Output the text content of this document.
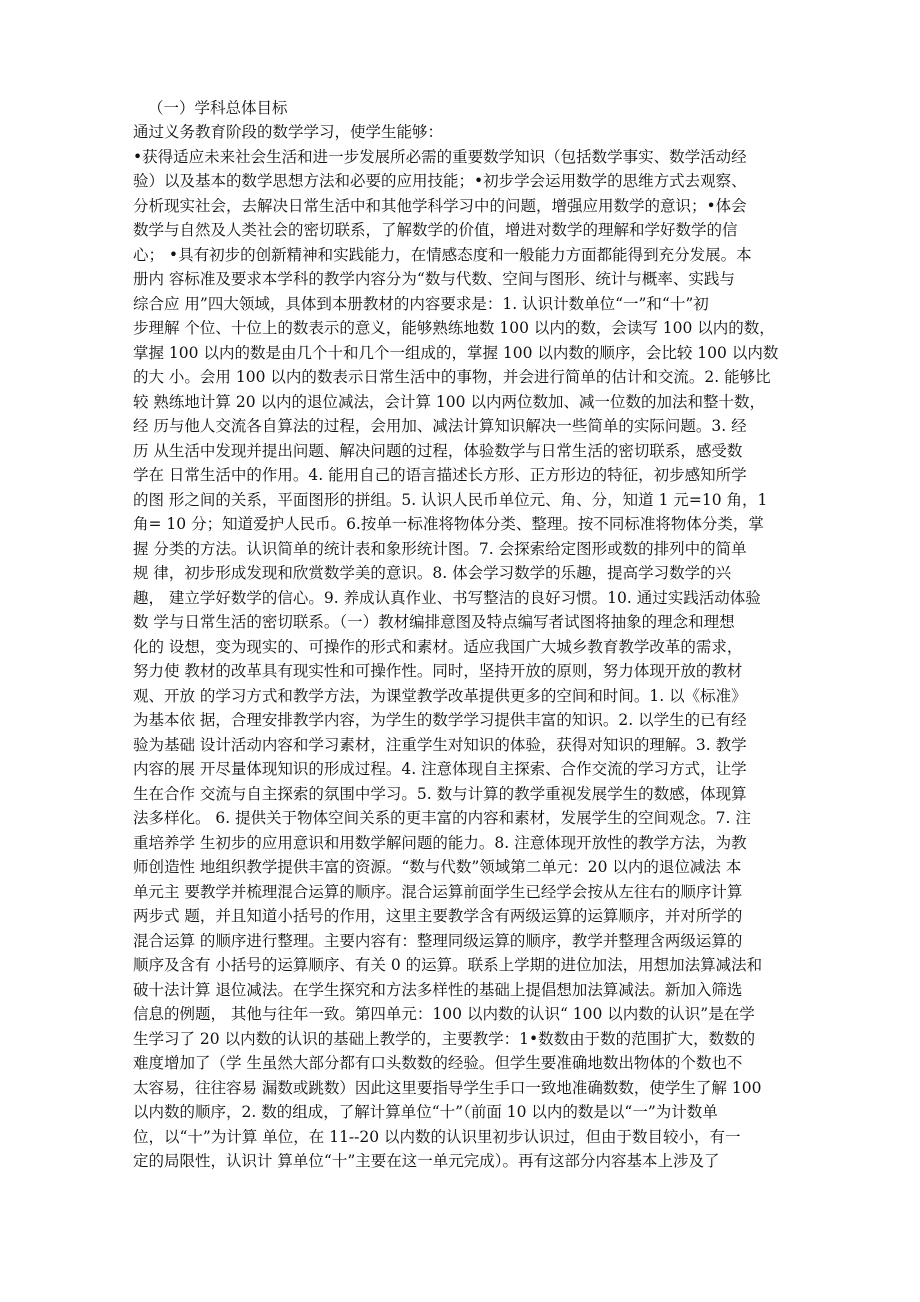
（一）学科总体目标
通过义务教育阶段的数学学习，使学生能够：
•获得适应未来社会生活和进一步发展所必需的重要数学知识（包括数学事实、数学活动经
验）以及基本的数学思想方法和必要的应用技能；•初步学会运用数学的思维方式去观察、
分析现实社会，去解决日常生活中和其他学科学习中的问题，增强应用数学的意识；•体会
数学与自然及人类社会的密切联系，了解数学的价值，增进对数学的理解和学好数学的信
心； •具有初步的创新精神和实践能力，在情感态度和一般能力方面都能得到充分发展。本
册内 容标准及要求本学科的教学内容分为“数与代数、空间与图形、统计与概率、实践与
综合应 用”四大领域，具体到本册教材的内容要求是：1. 认识计数单位“一”和“十”初
步理解 个位、十位上的数表示的意义，能够熟练地数 100 以内的数，会读写 100 以内的数，
掌握 100 以内的数是由几个十和几个一组成的，掌握 100 以内数的顺序，会比较 100 以内数
的大 小。会用 100 以内的数表示日常生活中的事物，并会进行简单的估计和交流。2. 能够比
较 熟练地计算 20 以内的退位减法，会计算 100 以内两位数加、减一位数的加法和整十数，
经 历与他人交流各自算法的过程，会用加、减法计算知识解决一些简单的实际问题。3. 经
历 从生活中发现并提出问题、解决问题的过程，体验数学与日常生活的密切联系，感受数
学在 日常生活中的作用。4. 能用自己的语言描述长方形、正方形边的特征，初步感知所学
的图 形之间的关系，平面图形的拼组。5. 认识人民币单位元、角、分，知道 1 元=10 角，1
角= 10 分；知道爱护人民币。6.按单一标准将物体分类、整理。按不同标准将物体分类，掌
握 分类的方法。认识简单的统计表和象形统计图。7. 会探索给定图形或数的排列中的简单
规 律，初步形成发现和欣赏数学美的意识。8. 体会学习数学的乐趣，提高学习数学的兴
趣， 建立学好数学的信心。9. 养成认真作业、书写整洁的良好习惯。10. 通过实践活动体验
数 学与日常生活的密切联系。（一）教材编排意图及特点编写者试图将抽象的理念和理想
化的 设想，变为现实的、可操作的形式和素材。适应我国广大城乡教育教学改革的需求，
努力使 教材的改革具有现实性和可操作性。同时，坚持开放的原则，努力体现开放的教材
观、开放 的学习方式和教学方法，为课堂教学改革提供更多的空间和时间。1. 以《标准》
为基本依 据，合理安排教学内容，为学生的数学学习提供丰富的知识。2. 以学生的已有经
验为基础 设计活动内容和学习素材，注重学生对知识的体验，获得对知识的理解。3. 教学
内容的展 开尽量体现知识的形成过程。4. 注意体现自主探索、合作交流的学习方式，让学
生在合作 交流与自主探索的氛围中学习。5. 数与计算的教学重视发展学生的数感，体现算
法多样化。 6. 提供关于物体空间关系的更丰富的内容和素材，发展学生的空间观念。7. 注
重培养学 生初步的应用意识和用数学解问题的能力。8. 注意体现开放性的教学方法，为教
师创造性 地组织教学提供丰富的资源。“数与代数”领域第二单元：20 以内的退位减法 本
单元主 要教学并梳理混合运算的顺序。混合运算前面学生已经学会按从左往右的顺序计算
两步式 题，并且知道小括号的作用，这里主要教学含有两级运算的运算顺序，并对所学的
混合运算 的顺序进行整理。主要内容有：整理同级运算的顺序，教学并整理含两级运算的
顺序及含有 小括号的运算顺序、有关 0 的运算。联系上学期的进位加法，用想加法算减法和
破十法计算 退位减法。在学生探究和方法多样性的基础上提倡想加法算减法。新加入筛选
信息的例题， 其他与往年一致。第四单元：100 以内数的认识“ 100 以内数的认识”是在学
生学习了 20 以内数的认识的基础上教学的，主要教学：1•数数由于数的范围扩大，数数的
难度增加了（学 生虽然大部分都有口头数数的经验。但学生要准确地数出物体的个数也不
太容易，往往容易 漏数或跳数）因此这里要指导学生手口一致地准确数数，使学生了解 100
以内数的顺序，2. 数的组成，了解计算单位“十”（前面 10 以内的数是以“一”为计数单
位，以“十”为计算 单位，在 11--20 以内数的认识里初步认识过，但由于数目较小，有一
定的局限性，认识计 算单位“十”主要在这一单元完成）。再有这部分内容基本上涉及了
